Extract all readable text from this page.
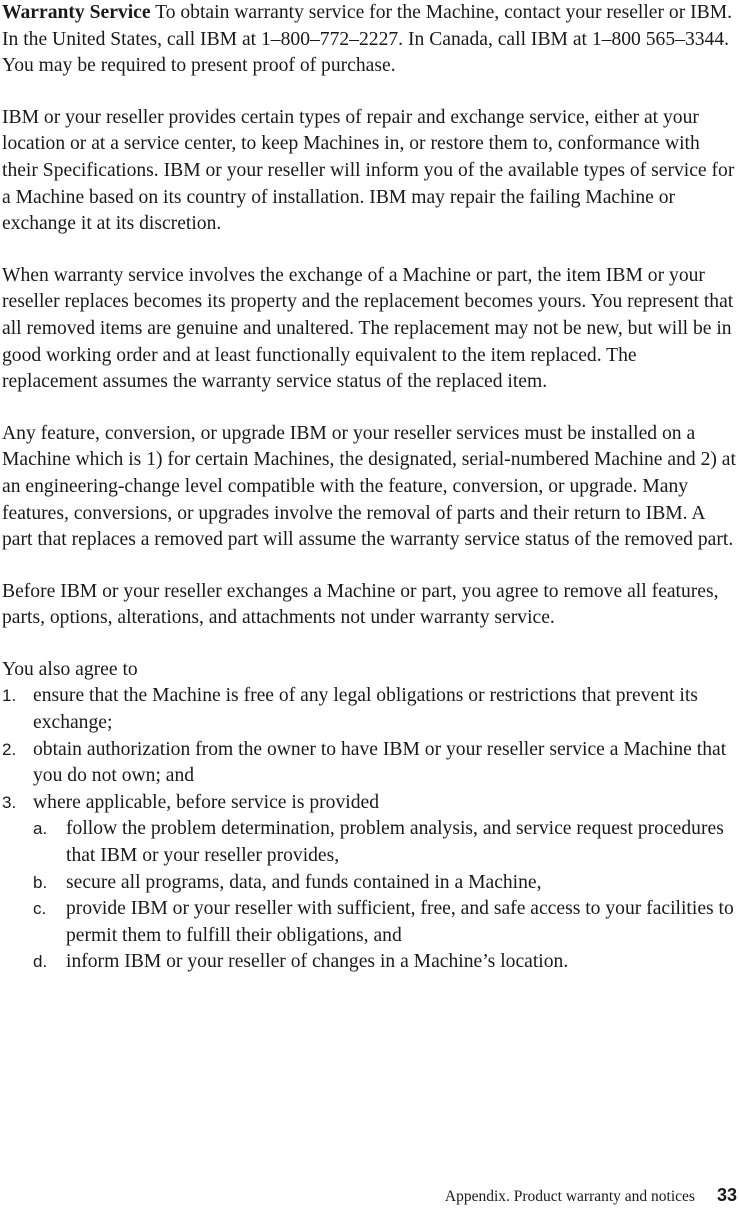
Warranty Service To obtain warranty service for the Machine, contact your reseller or IBM. In the United States, call IBM at 1–800–772–2227. In Canada, call IBM at 1–800 565–3344. You may be required to present proof of purchase.

IBM or your reseller provides certain types of repair and exchange service, either at your location or at a service center, to keep Machines in, or restore them to, conformance with their Specifications. IBM or your reseller will inform you of the available types of service for a Machine based on its country of installation. IBM may repair the failing Machine or exchange it at its discretion.

When warranty service involves the exchange of a Machine or part, the item IBM or your reseller replaces becomes its property and the replacement becomes yours. You represent that all removed items are genuine and unaltered. The replacement may not be new, but will be in good working order and at least functionally equivalent to the item replaced. The replacement assumes the warranty service status of the replaced item.

Any feature, conversion, or upgrade IBM or your reseller services must be installed on a Machine which is 1) for certain Machines, the designated, serial-numbered Machine and 2) at an engineering-change level compatible with the feature, conversion, or upgrade. Many features, conversions, or upgrades involve the removal of parts and their return to IBM. A part that replaces a removed part will assume the warranty service status of the removed part.

Before IBM or your reseller exchanges a Machine or part, you agree to remove all features, parts, options, alterations, and attachments not under warranty service.

You also agree to

1. ensure that the Machine is free of any legal obligations or restrictions that prevent its exchange;
2. obtain authorization from the owner to have IBM or your reseller service a Machine that you do not own; and
3. where applicable, before service is provided
a. follow the problem determination, problem analysis, and service request procedures that IBM or your reseller provides,
b. secure all programs, data, and funds contained in a Machine,
c. provide IBM or your reseller with sufficient, free, and safe access to your facilities to permit them to fulfill their obligations, and
d. inform IBM or your reseller of changes in a Machine’s location.
Appendix. Product warranty and notices 33
